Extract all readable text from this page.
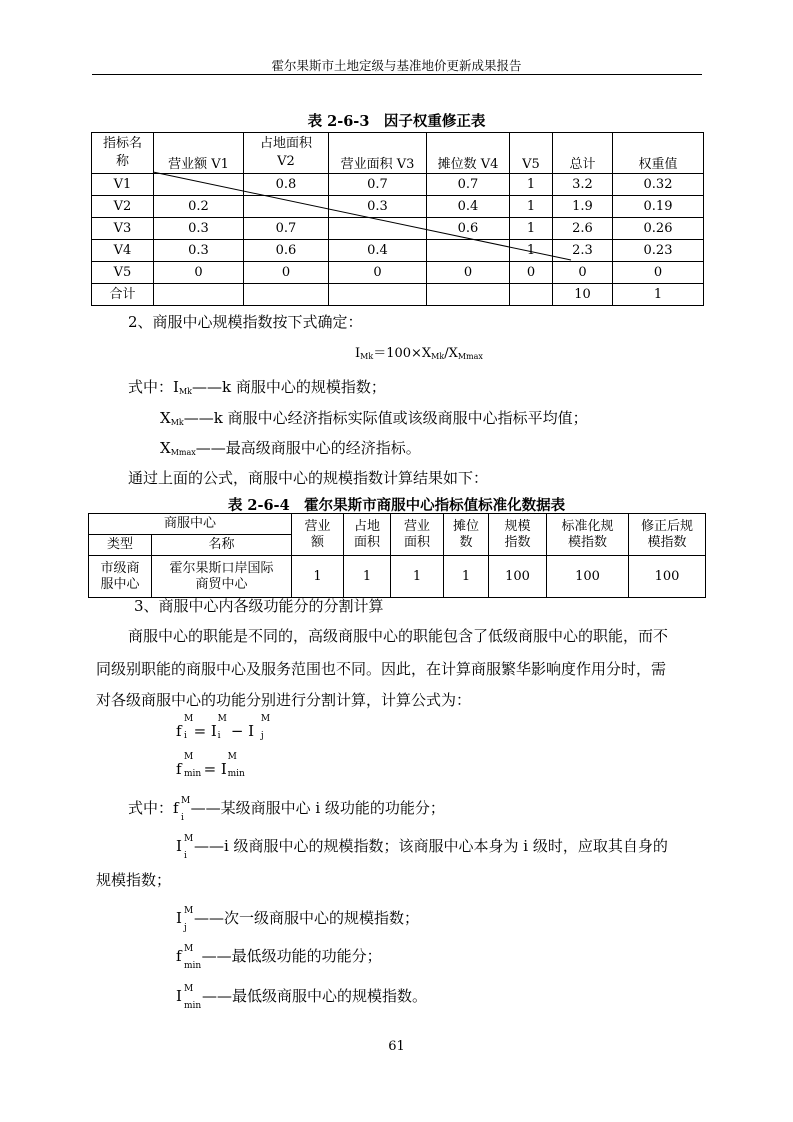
霍尔果斯市土地定级与基准地价更新成果报告
表 2-6-3　因子权重修正表
指标名称	营业额 V1	占地面积V2	营业面积 V3	摊位数 V4	V5	总计	权重值
V1		0.8	0.7	0.7	1	3.2	0.32
V2	0.2		0.3	0.4	1	1.9	0.19
V3	0.3	0.7		0.6	1	2.6	0.26
V4	0.3	0.6	0.4		1	2.3	0.23
V5	0	0	0	0	0	0	0
合计						10	1
2、商服中心规模指数按下式确定：
$I_{Mk}=100\times X_{Mk}/X_{Mmax}$
式中：$I_{Mk}——k$ 商服中心的规模指数；
$X_{Mk}——k$ 商服中心经济指标实际值或该级商服中心指标平均值；
$X_{Mmax}——$最高级商服中心的经济指标。
通过上面的公式，商服中心的规模指数计算结果如下：
表 2-6-4　霍尔果斯市商服中心指标值标准化数据表
商服中心		营业额	占地面积	营业面积	摊位数	规模指数	标准化规模指数	修正后规模指数
类型	名称							
市级商服中心	霍尔果斯口岸国际商贸中心	1	1	1	1	100	100	100
3、商服中心内各级功能分的分割计算
商服中心的职能是不同的，高级商服中心的职能包含了低级商服中心的职能，而不
同级别职能的商服中心及服务范围也不同。因此，在计算商服繁华影响度作用分时，需
对各级商服中心的功能分别进行分割计算，计算公式为：
f
M
i = I
M
i − I
M
j
f
M
min = I
M
min
式中：f M
i
——某级商服中心 i 级功能的功能分；
I M
i
——i 级商服中心的规模指数；该商服中心本身为 i 级时，应取其自身的
规模指数；
I M
j
——次一级商服中心的规模指数；
f M
min
——最低级功能的功能分；
I M
min
——最低级商服中心的规模指数。
61
